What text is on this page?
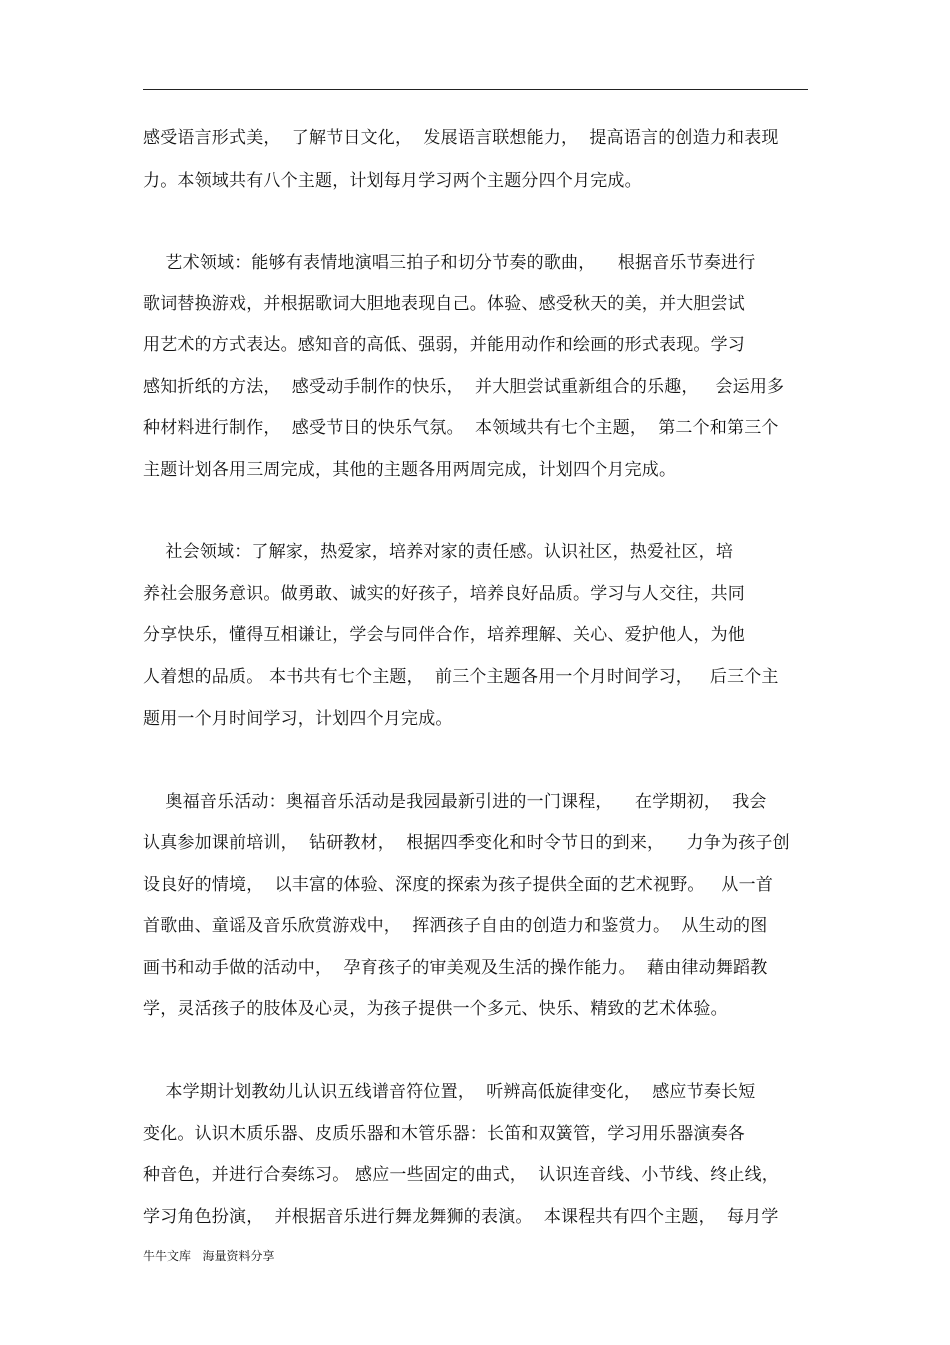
感受语言形式美，  了解节日文化，  发展语言联想能力，  提高语言的创造力和表现
力。本领域共有八个主题，计划每月学习两个主题分四个月完成。
艺术领域：能够有表情地演唱三拍子和切分节奏的歌曲，    根据音乐节奏进行
歌词替换游戏，并根据歌词大胆地表现自己。体验、感受秋天的美，并大胆尝试
用艺术的方式表达。感知音的高低、强弱，并能用动作和绘画的形式表现。学习
感知折纸的方法，  感受动手制作的快乐，  并大胆尝试重新组合的乐趣，   会运用多
种材料进行制作，  感受节日的快乐气氛。  本领域共有七个主题，  第二个和第三个
主题计划各用三周完成，其他的主题各用两周完成，计划四个月完成。
社会领域：了解家，热爱家，培养对家的责任感。认识社区，热爱社区，培
养社会服务意识。做勇敢、诚实的好孩子，培养良好品质。学习与人交往，共同
分享快乐，懂得互相谦让，学会与同伴合作，培养理解、关心、爱护他人，为他
人着想的品质。 本书共有七个主题，  前三个主题各用一个月时间学习，   后三个主
题用一个月时间学习，计划四个月完成。
奥福音乐活动：奥福音乐活动是我园最新引进的一门课程，    在学期初，  我会
认真参加课前培训，  钻研教材，  根据四季变化和时令节日的到来，    力争为孩子创
设良好的情境，  以丰富的体验、深度的探索为孩子提供全面的艺术视野。   从一首
首歌曲、童谣及音乐欣赏游戏中，  挥洒孩子自由的创造力和鉴赏力。  从生动的图
画书和动手做的活动中，  孕育孩子的审美观及生活的操作能力。  藉由律动舞蹈教
学，灵活孩子的肢体及心灵，为孩子提供一个多元、快乐、精致的艺术体验。
本学期计划教幼儿认识五线谱音符位置，  听辨高低旋律变化，  感应节奏长短
变化。认识木质乐器、皮质乐器和木管乐器：长笛和双簧管，学习用乐器演奏各
种音色，并进行合奏练习。 感应一些固定的曲式，  认识连音线、小节线、终止线，
学习角色扮演，  并根据音乐进行舞龙舞狮的表演。  本课程共有四个主题，  每月学
牛牛文库   海量资料分享
